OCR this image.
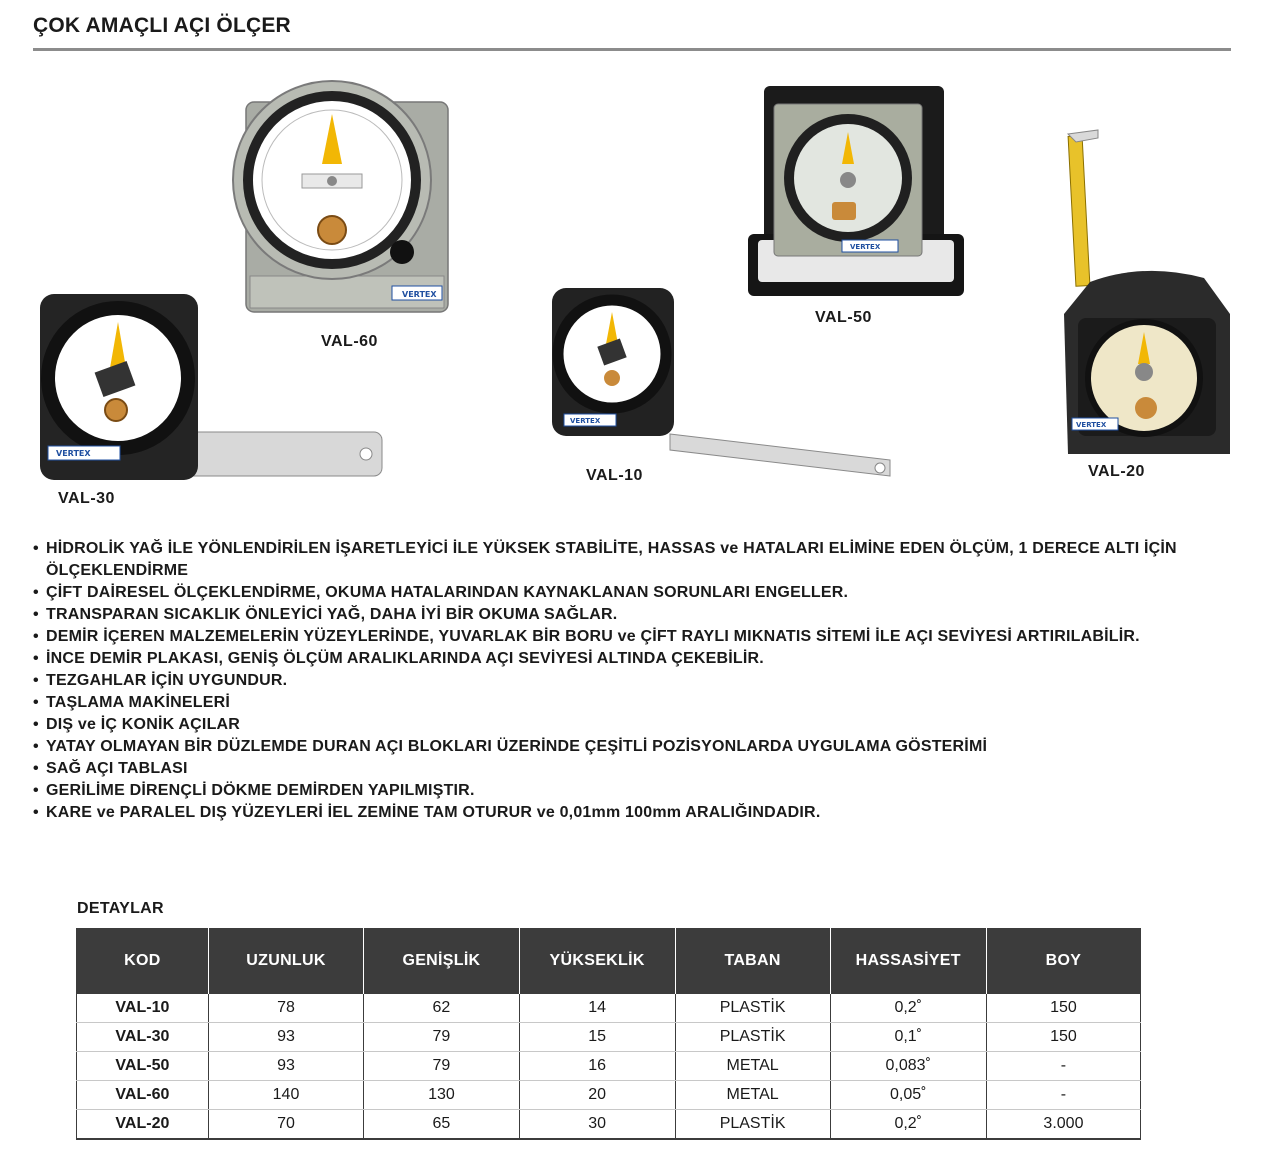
ÇOK AMAÇLI AÇI ÖLÇER
VERTEX
VAL-60
VERTEX
VAL-50
VERTEX
VAL-30
VERTEX
VAL-10
VERTEX
VAL-20
• HİDROLİK YAĞ İLE YÖNLENDİRİLEN İŞARETLEYİCİ İLE YÜKSEK STABİLİTE, HASSAS ve HATALARI ELİMİNE EDEN ÖLÇÜM, 1 DERECE ALTI İÇİN ÖLÇEKLENDİRME
• ÇİFT DAİRESEL ÖLÇEKLENDİRME, OKUMA HATALARINDAN KAYNAKLANAN SORUNLARI ENGELLER.
• TRANSPARAN SICAKLIK ÖNLEYİCİ YAĞ, DAHA İYİ BİR OKUMA SAĞLAR.
• DEMİR İÇEREN MALZEMELERİN YÜZEYLERİNDE, YUVARLAK BİR BORU ve ÇİFT RAYLI MIKNATIS SİTEMİ İLE AÇI SEVİYESİ ARTIRILABİLİR.
• İNCE DEMİR PLAKASI, GENİŞ ÖLÇÜM ARALIKLARINDA AÇI SEVİYESİ ALTINDA ÇEKEBİLİR.
• TEZGAHLAR İÇİN UYGUNDUR.
• TAŞLAMA MAKİNELERİ
• DIŞ ve İÇ KONİK AÇILAR
• YATAY OLMAYAN BİR DÜZLEMDE DURAN AÇI BLOKLARI ÜZERİNDE ÇEŞİTLİ POZİSYONLARDA UYGULAMA GÖSTERİMİ
• SAĞ AÇI TABLASI
• GERİLİME DİRENÇLİ DÖKME DEMİRDEN YAPILMIŞTIR.
• KARE ve PARALEL DIŞ YÜZEYLERİ İEL ZEMİNE TAM OTURUR ve 0,01mm 100mm ARALIĞINDADIR.
DETAYLAR
KOD	UZUNLUK	GENİŞLİK	YÜKSEKLİK	TABAN	HASSASİYET	BOY
VAL-10	78	62	14	PLASTİK	0,2˚	150
VAL-30	93	79	15	PLASTİK	0,1˚	150
VAL-50	93	79	16	METAL	0,083˚	-
VAL-60	140	130	20	METAL	0,05˚	-
VAL-20	70	65	30	PLASTİK	0,2˚	3.000
